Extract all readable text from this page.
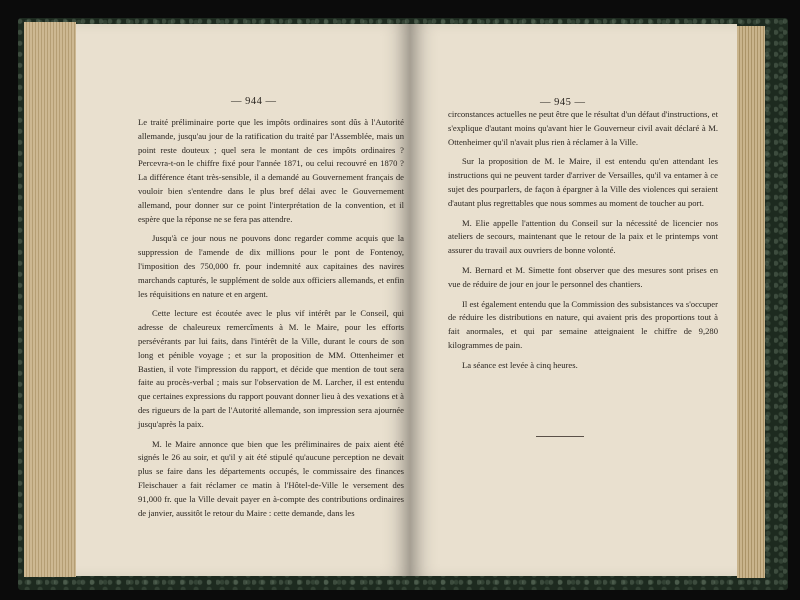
— 944 —

Le traité préliminaire porte que les impôts ordinaires sont dûs à l'Autorité allemande, jusqu'au jour de la ratification du traité par l'Assemblée, mais un point reste douteux ; quel sera le montant de ces impôts ordinaires ? Percevra-t-on le chiffre fixé pour l'année 1871, ou celui recouvré en 1870 ? La différence étant très-sensible, il a demandé au Gouvernement français de vouloir bien s'entendre dans le plus bref délai avec le Gouvernement allemand, pour donner sur ce point l'interprétation de la convention, et il espère que la réponse ne se fera pas attendre.

Jusqu'à ce jour nous ne pouvons donc regarder comme acquis que la suppression de l'amende de dix millions pour le pont de Fontenoy, l'imposition des 750,000 fr. pour indemnité aux capitaines des navires marchands capturés, le supplément de solde aux officiers allemands, et enfin les réquisitions en nature et en argent.

Cette lecture est écoutée avec le plus vif intérêt par le Conseil, qui adresse de chaleureux remercîments à M. le Maire, pour les efforts persévérants par lui faits, dans l'intérêt de la Ville, durant le cours de son long et pénible voyage ; et sur la proposition de MM. Ottenheimer et Bastien, il vote l'impression du rapport, et décide que mention de tout sera faite au procès-verbal ; mais sur l'observation de M. Larcher, il est entendu que certaines expressions du rapport pouvant donner lieu à des vexations et à des rigueurs de la part de l'Autorité allemande, son impression sera ajournée jusqu'après la paix.

M. le Maire annonce que bien que les préliminaires de paix aient été signés le 26 au soir, et qu'il y ait été stipulé qu'aucune perception ne devait plus se faire dans les départements occupés, le commissaire des finances Fleischauer a fait réclamer ce matin à l'Hôtel-de-Ville le versement des 91,000 fr. que la Ville devait payer en à-compte des contributions ordinaires de janvier, aussitôt le retour du Maire : cette demande, dans les

— 945 —

circonstances actuelles ne peut être que le résultat d'un défaut d'instructions, et s'explique d'autant moins qu'avant hier le Gouverneur civil avait déclaré à M. Ottenheimer qu'il n'avait plus rien à réclamer à la Ville.

Sur la proposition de M. le Maire, il est entendu qu'en attendant les instructions qui ne peuvent tarder d'arriver de Versailles, qu'il va entamer à ce sujet des pourparlers, de façon à épargner à la Ville des violences qui seraient d'autant plus regrettables que nous sommes au moment de toucher au port.

M. Elie appelle l'attention du Conseil sur la nécessité de licencier nos ateliers de secours, maintenant que le retour de la paix et le printemps vont assurer du travail aux ouvriers de bonne volonté.

M. Bernard et M. Simette font observer que des mesures sont prises en vue de réduire de jour en jour le personnel des chantiers.

Il est également entendu que la Commission des subsistances va s'occuper de réduire les distributions en nature, qui avaient pris des proportions tout à fait anormales, et qui par semaine atteignaient le chiffre de 9,280 kilogrammes de pain.

La séance est levée à cinq heures.
